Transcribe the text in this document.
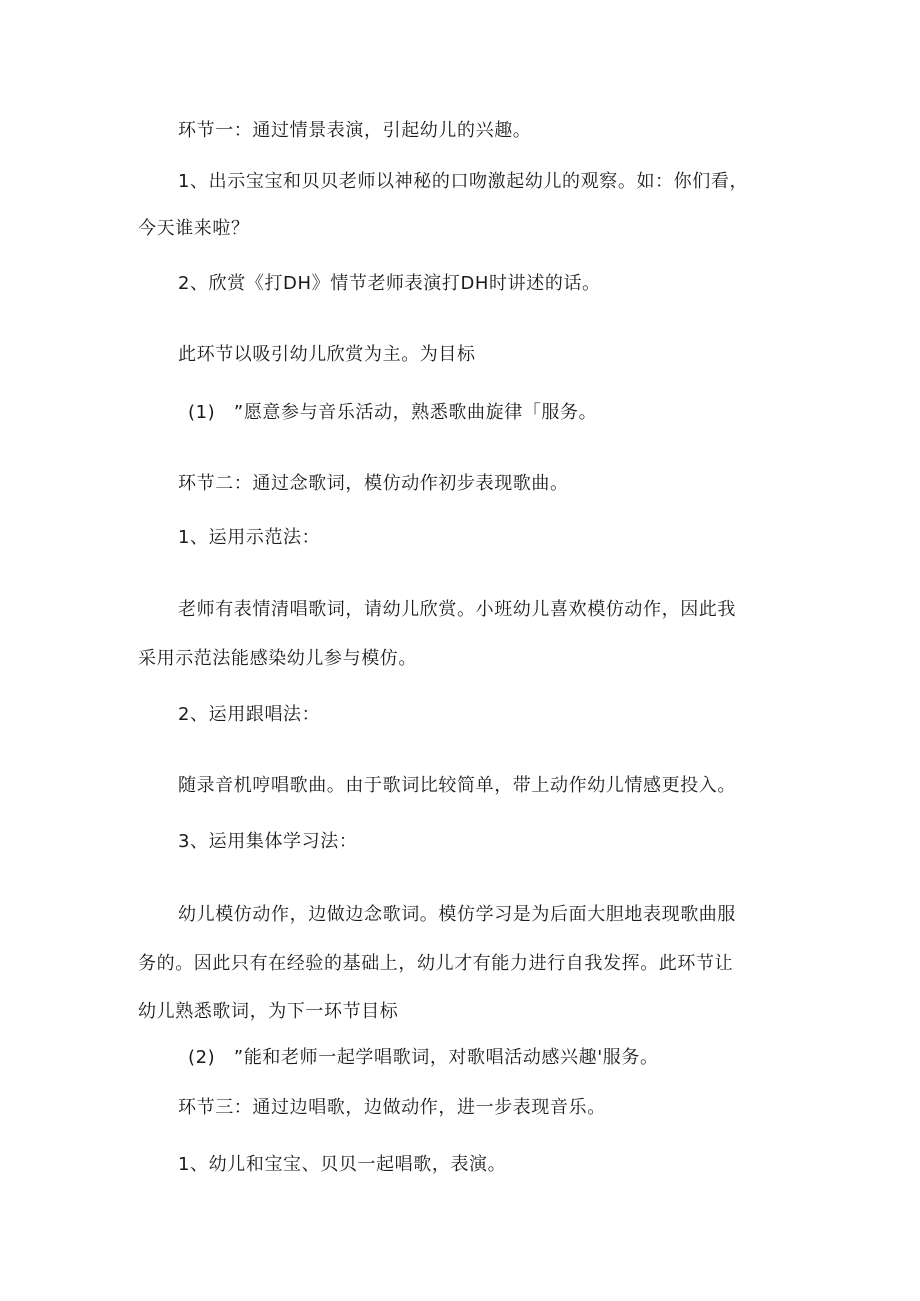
环节一：通过情景表演，引起幼儿的兴趣。

1、出示宝宝和贝贝老师以神秘的口吻激起幼儿的观察。如：你们看，

今天谁来啦？

2、欣赏《打DH》情节老师表演打DH时讲述的话。

此环节以吸引幼儿欣赏为主。为目标

(1)　”愿意参与音乐活动，熟悉歌曲旋律「服务。

环节二：通过念歌词，模仿动作初步表现歌曲。

1、运用示范法：

老师有表情清唱歌词，请幼儿欣赏。小班幼儿喜欢模仿动作，因此我

采用示范法能感染幼儿参与模仿。

2、运用跟唱法：

随录音机哼唱歌曲。由于歌词比较简单，带上动作幼儿情感更投入。

3、运用集体学习法：

幼儿模仿动作，边做边念歌词。模仿学习是为后面大胆地表现歌曲服

务的。因此只有在经验的基础上，幼儿才有能力进行自我发挥。此环节让

幼儿熟悉歌词，为下一环节目标

(2)　”能和老师一起学唱歌词，对歌唱活动感兴趣'服务。

环节三：通过边唱歌，边做动作，进一步表现音乐。

1、幼儿和宝宝、贝贝一起唱歌，表演。
